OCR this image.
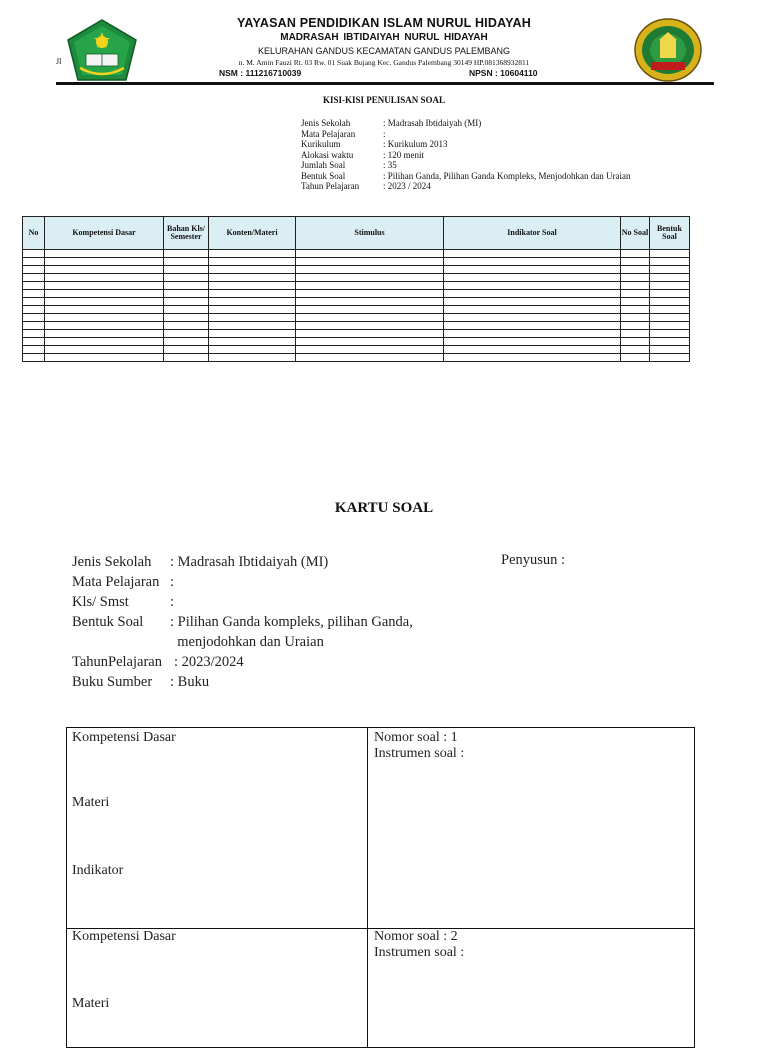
YAYASAN PENDIDIKAN ISLAM NURUL HIDAYAH
MADRASAH IBTIDAIYAH NURUL HIDAYAH
KELURAHAN GANDUS KECAMATAN GANDUS PALEMBANG
Jl	n. M. Amin Fauzi Rt. 03 Rw. 01 Suak Bujang Kec. Gandus Palembang 30149 HP.081368932811
NSM : 111216710039	NPSN : 10604110
KISI-KISI PENULISAN SOAL
Jenis Sekolah	: Madrasah Ibtidaiyah (MI)
Mata Pelajaran	:
Kurikulum	: Kurikulum 2013
Alokasi waktu	: 120 menit
Jumlah Soal	: 35
Bentuk Soal	: Pilihan Ganda, Pilihan Ganda Kompleks, Menjodohkan dan Uraian
Tahun Pelajaran	: 2023 / 2024
No	Kompetensi Dasar	Bahan Kls/ Semester	Konten/Materi	Stimulus	Indikator Soal	No Soal	Bentuk Soal

KARTU SOAL
Jenis Sekolah	: Madrasah Ibtidaiyah (MI)
Mata Pelajaran :
Kls/ Smst	:
Bentuk Soal	: Pilihan Ganda kompleks, pilihan Ganda,
menjodohkan dan Uraian
TahunPelajaran : 2023/2024
Buku Sumber	: Buku
Penyusun :
Kompetensi Dasar
Materi
Indikator
Nomor soal : 1
Instrumen soal :
Kompetensi Dasar
Materi
Nomor soal : 2
Instrumen soal :
